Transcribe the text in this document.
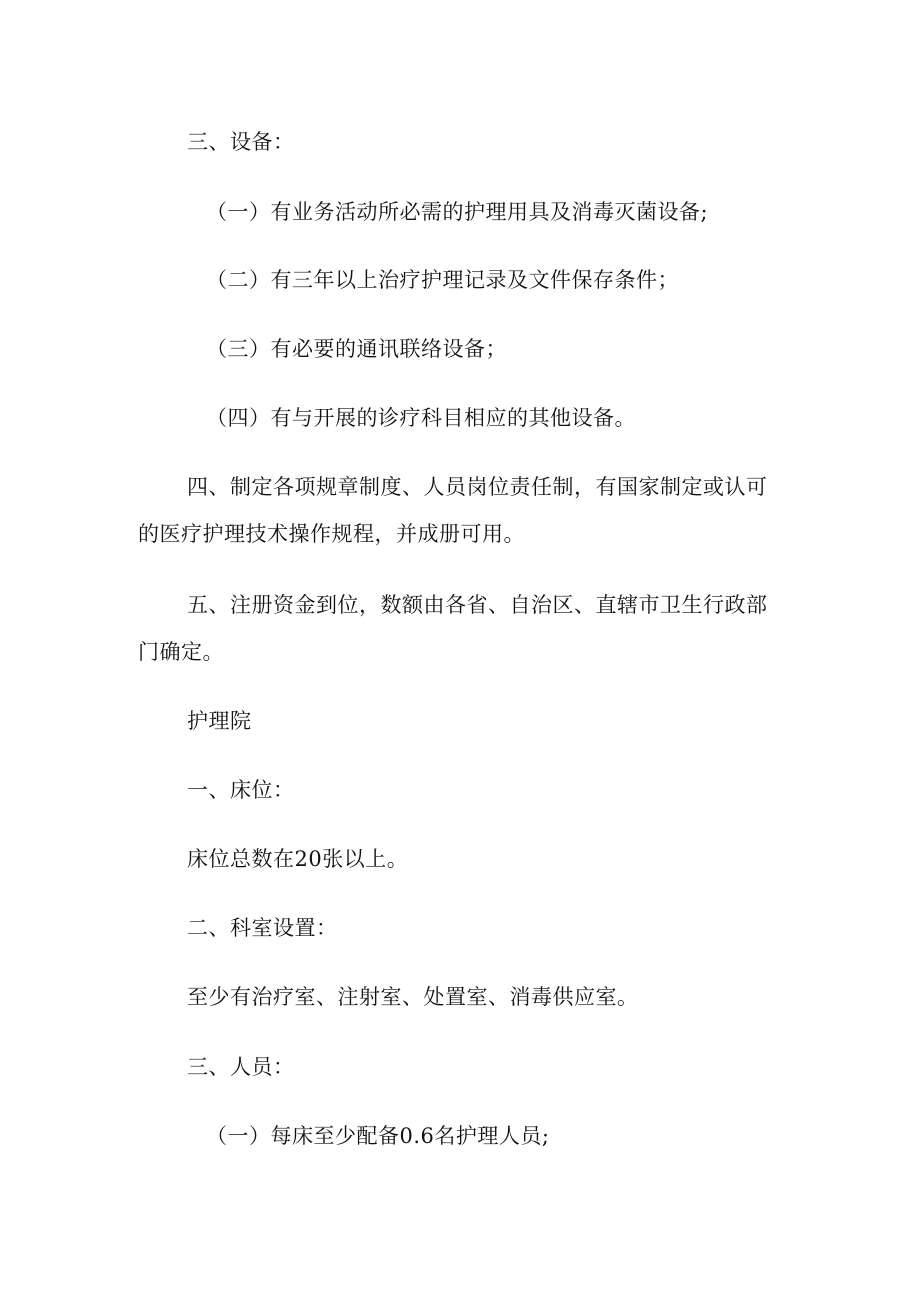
三、设备：
（一）有业务活动所必需的护理用具及消毒灭菌设备;
（二）有三年以上治疗护理记录及文件保存条件；
（三）有必要的通讯联络设备；
（四）有与开展的诊疗科目相应的其他设备。
四、制定各项规章制度、人员岗位责任制，有国家制定或认可
的医疗护理技术操作规程，并成册可用。
五、注册资金到位，数额由各省、自治区、直辖市卫生行政部
门确定。
护理院
一、床位：
床位总数在20张以上。
二、科室设置：
至少有治疗室、注射室、处置室、消毒供应室。
三、人员：
（一）每床至少配备0.6名护理人员;
